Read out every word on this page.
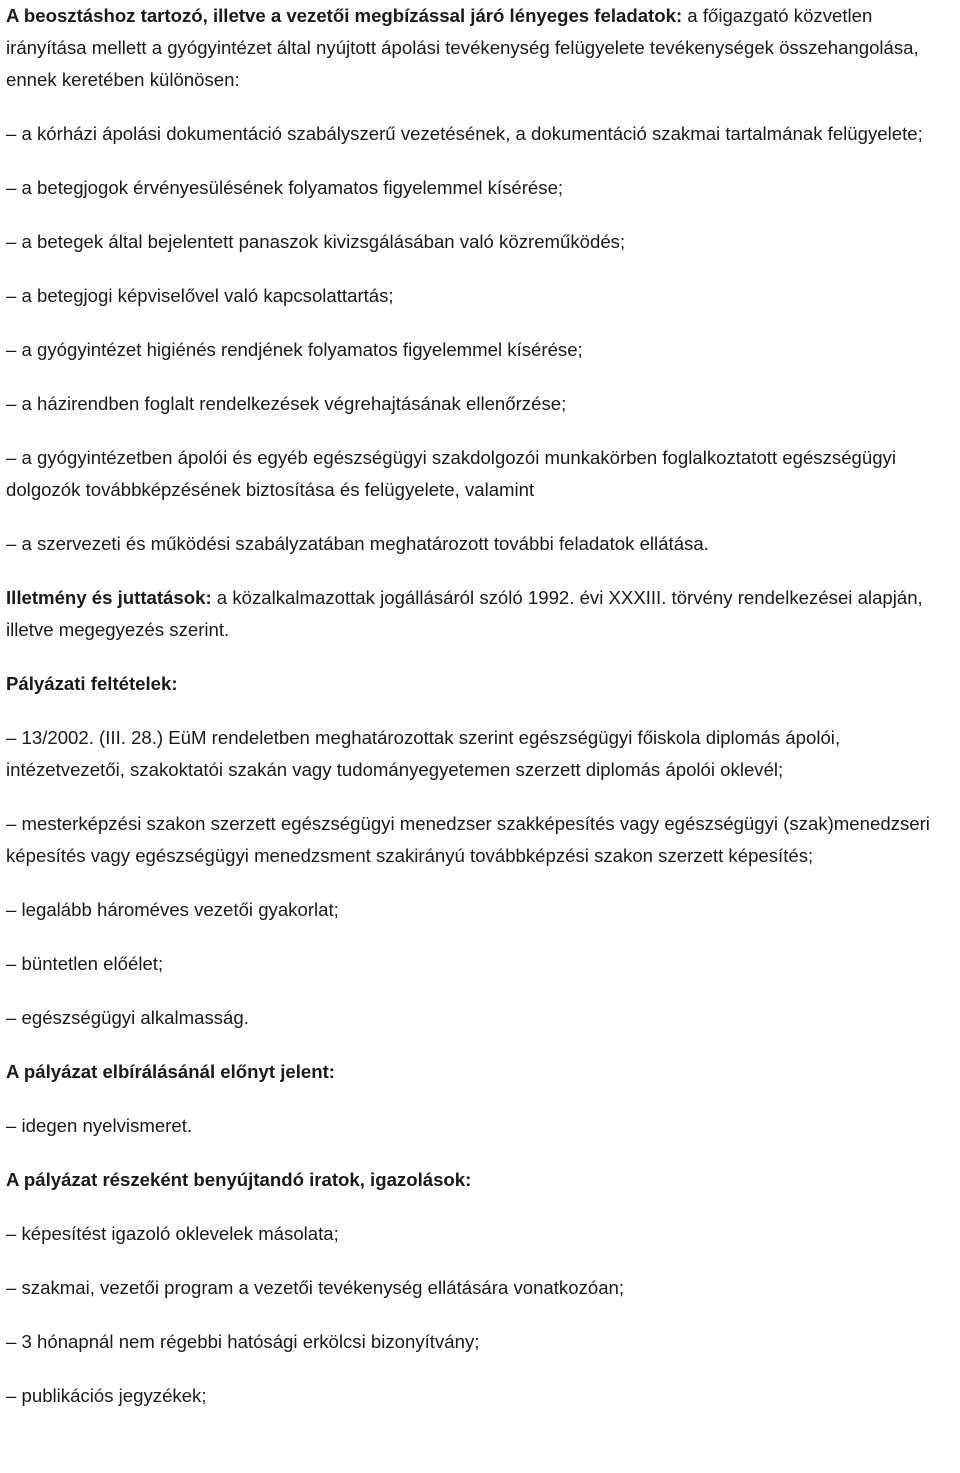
A beosztáshoz tartozó, illetve a vezetői megbízással járó lényeges feladatok: a főigazgató közvetlen irányítása mellett a gyógyintézet által nyújtott ápolási tevékenység felügyelete tevékenységek összehangolása, ennek keretében különösen:

– a kórházi ápolási dokumentáció szabályszerű vezetésének, a dokumentáció szakmai tartalmának felügyelete;

– a betegjogok érvényesülésének folyamatos figyelemmel kísérése;

– a betegek által bejelentett panaszok kivizsgálásában való közreműködés;

– a betegjogi képviselővel való kapcsolattartás;

– a gyógyintézet higiénés rendjének folyamatos figyelemmel kísérése;

– a házirendben foglalt rendelkezések végrehajtásának ellenőrzése;

– a gyógyintézetben ápolói és egyéb egészségügyi szakdolgozói munkakörben foglalkoztatott egészségügyi dolgozók továbbképzésének biztosítása és felügyelete, valamint

– a szervezeti és működési szabályzatában meghatározott további feladatok ellátása.

Illetmény és juttatások: a közalkalmazottak jogállásáról szóló 1992. évi XXXIII. törvény rendelkezései alapján, illetve megegyezés szerint.

Pályázati feltételek:

– 13/2002. (III. 28.) EüM rendeletben meghatározottak szerint egészségügyi főiskola diplomás ápolói, intézetvezetői, szakoktatói szakán vagy tudományegyetemen szerzett diplomás ápolói oklevél;

– mesterképzési szakon szerzett egészségügyi menedzser szakképesítés vagy egészségügyi (szak)menedzseri képesítés vagy egészségügyi menedzsment szakirányú továbbképzési szakon szerzett képesítés;

– legalább hároméves vezetői gyakorlat;

– büntetlen előélet;

– egészségügyi alkalmasság.

A pályázat elbírálásánál előnyt jelent:

– idegen nyelvismeret.

A pályázat részeként benyújtandó iratok, igazolások:

– képesítést igazoló oklevelek másolata;

– szakmai, vezetői program a vezetői tevékenység ellátására vonatkozóan;

– 3 hónapnál nem régebbi hatósági erkölcsi bizonyítvány;

– publikációs jegyzékek;
